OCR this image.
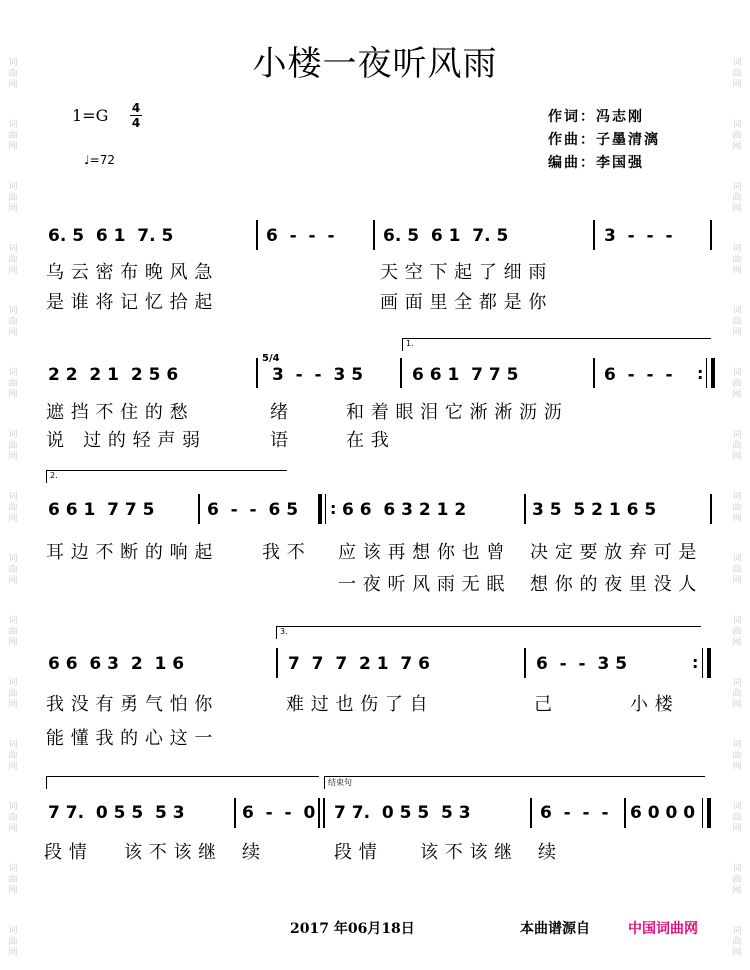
词
曲
网
词
曲
网
词
曲
网
词
曲
网
词
曲
网
词
曲
网
词
曲
网
词
曲
网
词
曲
网
词
曲
网
词
曲
网
词
曲
网
词
曲
网
词
曲
网
词
曲
网
词
曲
网
词
曲
网
词
曲
网
词
曲
网
词
曲
网
词
曲
网
词
曲
网
词
曲
网
词
曲
网
词
曲
网
词
曲
网
词
曲
网
词
曲
网
词
曲
网
词
曲
网
小楼一夜听风雨
1=G 4
4
♩=72
作词：冯志刚
作曲：子墨清漓
编曲：李国强
6. 5  6 1  7. 5	6  -  -  -	6. 5  6 1  7. 5	3  -  -  -
乌 云 密 布 晚 风 急	天 空 下 起 了 细 雨
是 谁 将 记 忆 拾 起	画 面 里 全 都 是 你
1.
2 2  2 1  2 5 6
5/4
3  -  -  3 5	6 6 1  7 7 5	6  -  -  - :
遮 挡 不 住 的 愁	绪	和 着 眼 泪 它 淅 淅 沥 沥
说   过 的 轻 声 弱	语	在 我
2.
6 6 1  7 7 5	6  -  -  6 5 : 6 6  6 3 2 1 2	3 5  5 2 1 6 5
耳 边 不 断 的 响 起	我 不 应 该 再 想 你 也 曾 决 定 要 放 弃 可 是
一 夜 听 风 雨 无 眠 想 你 的 夜 里 没 人
3.
6 6  6 3  2  1 6	7  7  7  2 1  7 6	6  -  -  3 5	:
我 没 有 勇 气 怕 你	难 过 也 伤 了 自	己	小 楼
能 懂 我 的 心 这 一
结束句
7 7.  0 5 5  5 3	6  -  -  0 7 7.  0 5 5  5 3	6  -  -  - 6 0 0 0
段 情 该 不 该 继 续	段 情 该 不 该 继 续
2017 年06月18日	本曲谱源自	中国词曲网
